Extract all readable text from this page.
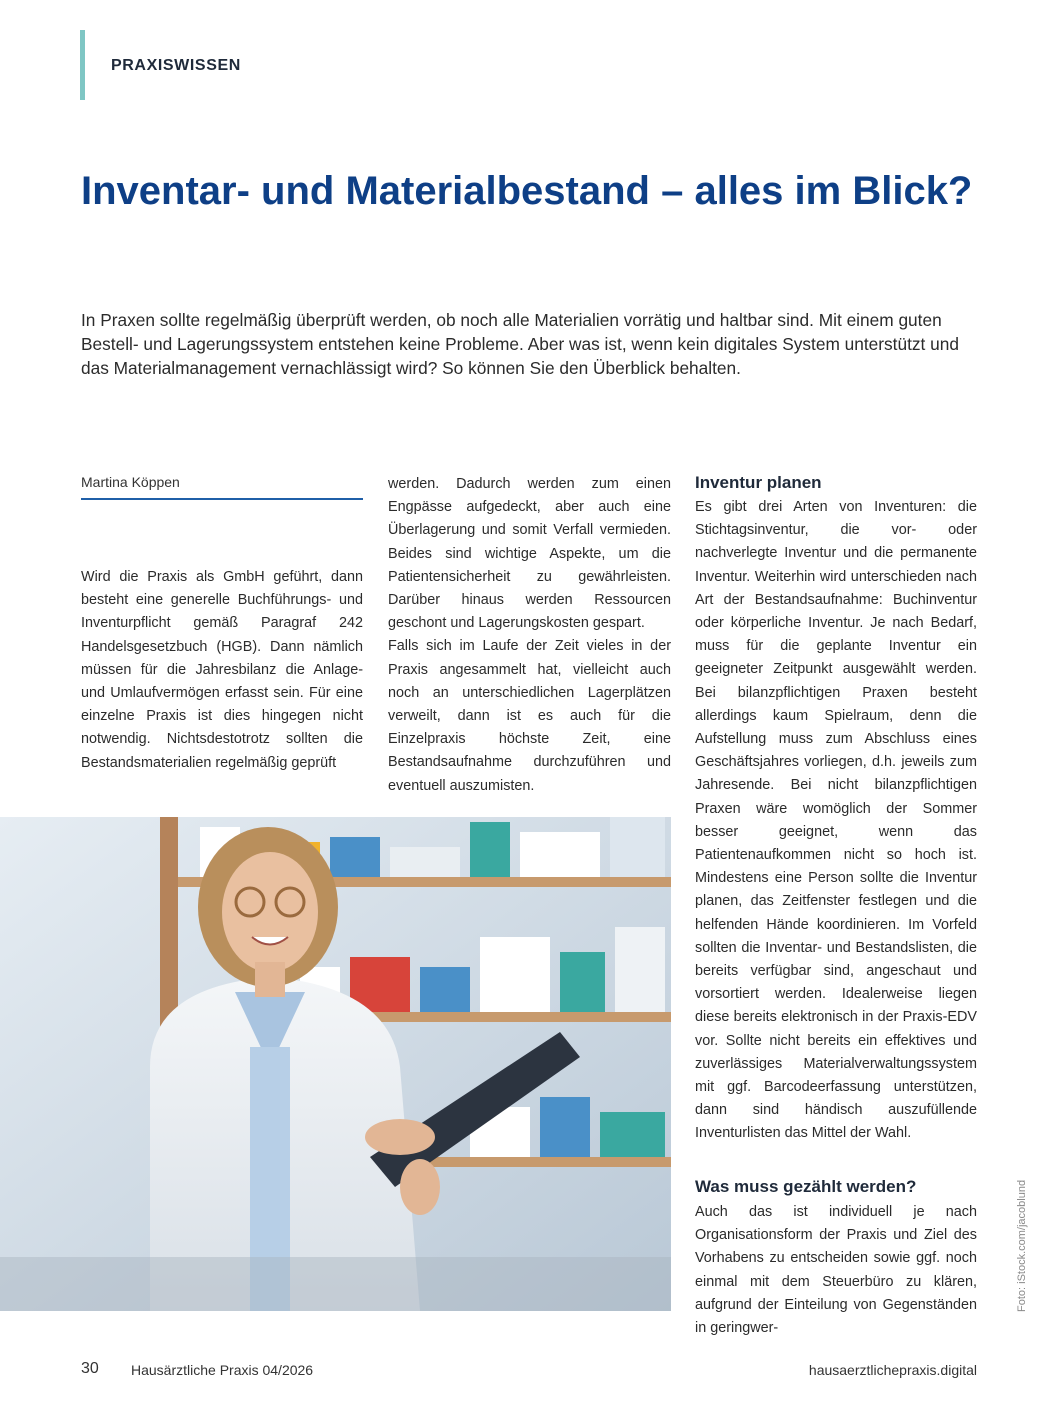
PRAXISWISSEN
Inventar- und Materialbestand – alles im Blick?

In Praxen sollte regelmäßig überprüft werden, ob noch alle Materialien vorrätig und haltbar sind. Mit einem guten Bestell- und Lagerungssystem entstehen keine Probleme. Aber was ist, wenn kein digitales System unterstützt und das Materialmanagement vernachlässigt wird? So können Sie den Überblick behalten.

Martina Köppen

Wird die Praxis als GmbH geführt, dann besteht eine generelle Buchführungs- und Inventurpflicht gemäß Paragraf 242 Handelsgesetzbuch (HGB). Dann nämlich müssen für die Jahresbilanz die Anlage- und Umlaufvermögen erfasst sein. Für eine einzelne Praxis ist dies hingegen nicht notwendig. Nichtsdestotrotz sollten die Bestandsmaterialien regelmäßig geprüft

werden. Dadurch werden zum einen Engpässe aufgedeckt, aber auch eine Überlagerung und somit Verfall vermieden. Beides sind wichtige Aspekte, um die Patientensicherheit zu gewährleisten. Darüber hinaus werden Ressourcen geschont und Lagerungskosten gespart.

Falls sich im Laufe der Zeit vieles in der Praxis angesammelt hat, vielleicht auch noch an unterschiedlichen Lagerplätzen verweilt, dann ist es auch für die Einzelpraxis höchste Zeit, eine Bestandsaufnahme durchzuführen und eventuell auszumisten.

Inventur planen

Es gibt drei Arten von Inventuren: die Stichtagsinventur, die vor- oder nachverlegte Inventur und die permanente Inventur. Weiterhin wird unterschieden nach Art der Bestandsaufnahme: Buchinventur oder körperliche Inventur. Je nach Bedarf, muss für die geplante Inventur ein geeigneter Zeitpunkt ausgewählt werden. Bei bilanzpflichtigen Praxen besteht allerdings kaum Spielraum, denn die Aufstellung muss zum Abschluss eines Geschäftsjahres vorliegen, d.h. jeweils zum Jahresende. Bei nicht bilanzpflichtigen Praxen wäre womöglich der Sommer besser geeignet, wenn das Patientenaufkommen nicht so hoch ist. Mindestens eine Person sollte die Inventur planen, das Zeitfenster festlegen und die helfenden Hände koordinieren. Im Vorfeld sollten die Inventar- und Bestandslisten, die bereits verfügbar sind, angeschaut und vorsortiert werden. Idealerweise liegen diese bereits elektronisch in der Praxis-EDV vor. Sollte nicht bereits ein effektives und zuverlässiges Materialverwaltungssystem mit ggf. Barcodeerfassung unterstützen, dann sind händisch auszufüllende Inventurlisten das Mittel der Wahl.

Was muss gezählt werden?

Auch das ist individuell je nach Organisationsform der Praxis und Ziel des Vorhabens zu entscheiden sowie ggf. noch einmal mit dem Steuerbüro zu klären, aufgrund der Einteilung von Gegenständen in geringwer-

Foto: iStock.com/jacoblund
30 Hausärztliche Praxis 04/2026	hausaerztlichepraxis.digital
